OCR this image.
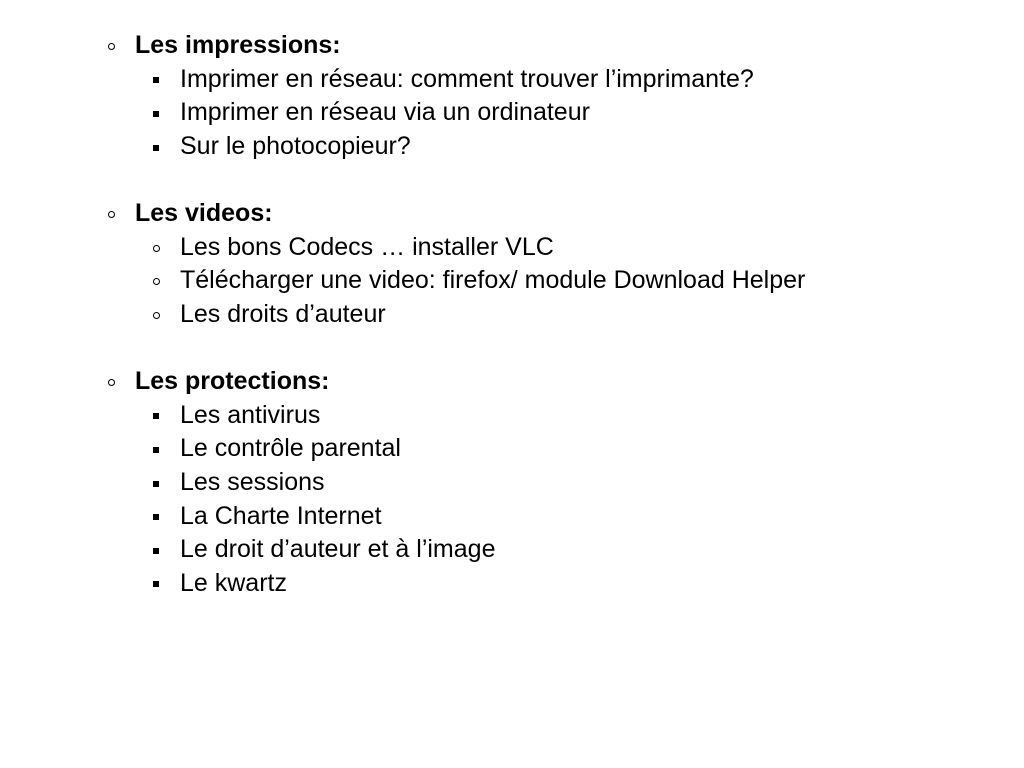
Les impressions:
Imprimer en réseau: comment trouver l’imprimante?
Imprimer en réseau via un ordinateur
Sur le photocopieur?
Les videos:
Les bons Codecs … installer VLC
Télécharger une video: firefox/ module Download Helper
Les droits d’auteur
Les protections:
Les antivirus
Le contrôle parental
Les sessions
La Charte Internet
Le droit d’auteur et à l’image
Le kwartz
